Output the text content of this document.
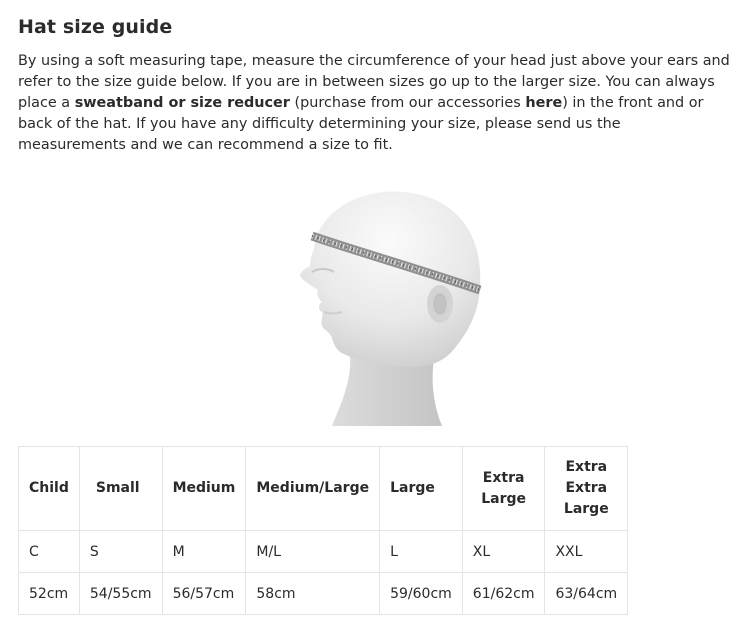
Hat size guide

By using a soft measuring tape, measure the circumference of your head just above your ears and refer to the size guide below. If you are in between sizes go up to the larger size. You can always place a sweatband or size reducer (purchase from our accessories here) in the front and or back of the hat. If you have any difficulty determining your size, please send us the measurements and we can recommend a size to fit.

Child	Small	Medium	Medium/Large	Large	Extra Large	Extra Extra Large
C	S	M	M/L	L	XL	XXL
52cm	54/55cm	56/57cm	58cm	59/60cm	61/62cm	63/64cm
